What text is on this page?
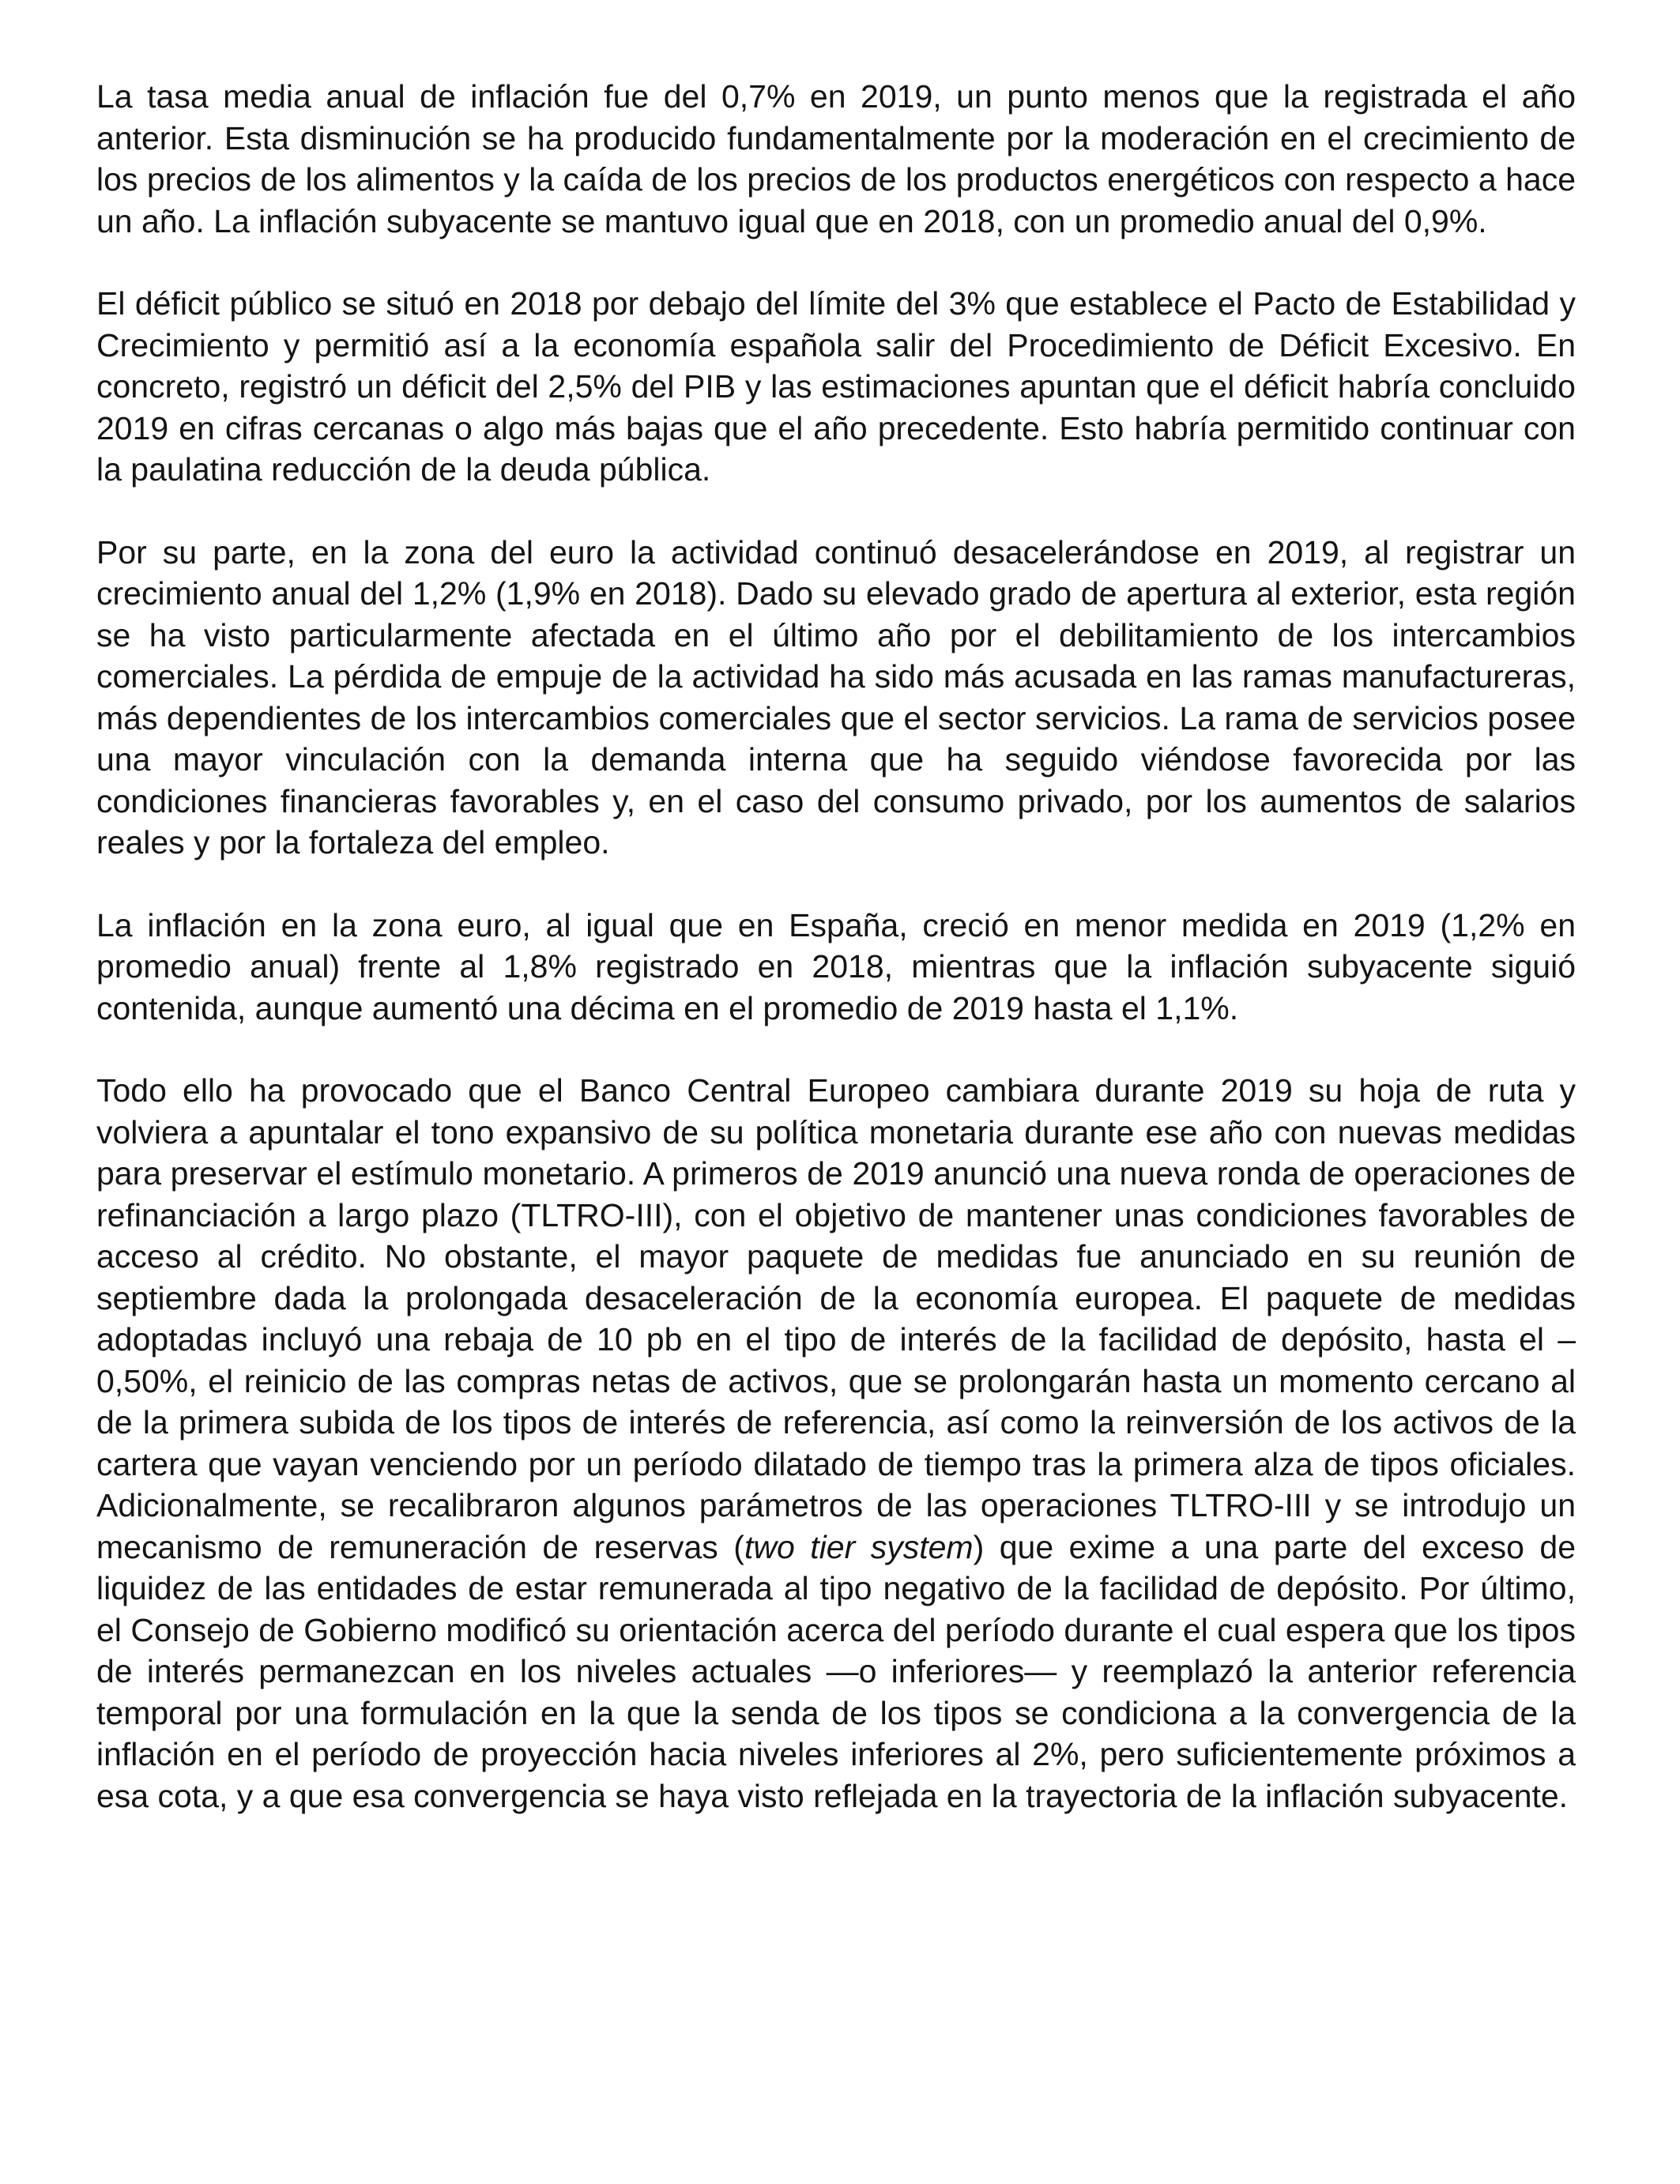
La tasa media anual de inflación fue del 0,7% en 2019, un punto menos que la registrada el año anterior. Esta disminución se ha producido fundamentalmente por la moderación en el crecimiento de los precios de los alimentos y la caída de los precios de los productos energéticos con respecto a hace un año. La inflación subyacente se mantuvo igual que en 2018, con un promedio anual del 0,9%.

El déficit público se situó en 2018 por debajo del límite del 3% que establece el Pacto de Estabilidad y Crecimiento y permitió así a la economía española salir del Procedimiento de Déficit Excesivo. En concreto, registró un déficit del 2,5% del PIB y las estimaciones apuntan que el déficit habría concluido 2019 en cifras cercanas o algo más bajas que el año precedente. Esto habría permitido continuar con la paulatina reducción de la deuda pública.

Por su parte, en la zona del euro la actividad continuó desacelerándose en 2019, al registrar un crecimiento anual del 1,2% (1,9% en 2018). Dado su elevado grado de apertura al exterior, esta región se ha visto particularmente afectada en el último año por el debilitamiento de los intercambios comerciales. La pérdida de empuje de la actividad ha sido más acusada en las ramas manufactureras, más dependientes de los intercambios comerciales que el sector servicios. La rama de servicios posee una mayor vinculación con la demanda interna que ha seguido viéndose favorecida por las condiciones financieras favorables y, en el caso del consumo privado, por los aumentos de salarios reales y por la fortaleza del empleo.

La inflación en la zona euro, al igual que en España, creció en menor medida en 2019 (1,2% en promedio anual) frente al 1,8% registrado en 2018, mientras que la inflación subyacente siguió contenida, aunque aumentó una décima en el promedio de 2019 hasta el 1,1%.

Todo ello ha provocado que el Banco Central Europeo cambiara durante 2019 su hoja de ruta y volviera a apuntalar el tono expansivo de su política monetaria durante ese año con nuevas medidas para preservar el estímulo monetario. A primeros de 2019 anunció una nueva ronda de operaciones de refinanciación a largo plazo (TLTRO-III), con el objetivo de mantener unas condiciones favorables de acceso al crédito. No obstante, el mayor paquete de medidas fue anunciado en su reunión de septiembre dada la prolongada desaceleración de la economía europea. El paquete de medidas adoptadas incluyó una rebaja de 10 pb en el tipo de interés de la facilidad de depósito, hasta el –0,50%, el reinicio de las compras netas de activos, que se prolongarán hasta un momento cercano al de la primera subida de los tipos de interés de referencia, así como la reinversión de los activos de la cartera que vayan venciendo por un período dilatado de tiempo tras la primera alza de tipos oficiales. Adicionalmente, se recalibraron algunos parámetros de las operaciones TLTRO-III y se introdujo un mecanismo de remuneración de reservas (two tier system) que exime a una parte del exceso de liquidez de las entidades de estar remunerada al tipo negativo de la facilidad de depósito. Por último, el Consejo de Gobierno modificó su orientación acerca del período durante el cual espera que los tipos de interés permanezcan en los niveles actuales —o inferiores— y reemplazó la anterior referencia temporal por una formulación en la que la senda de los tipos se condiciona a la convergencia de la inflación en el período de proyección hacia niveles inferiores al 2%, pero suficientemente próximos a esa cota, y a que esa convergencia se haya visto reflejada en la trayectoria de la inflación subyacente.
